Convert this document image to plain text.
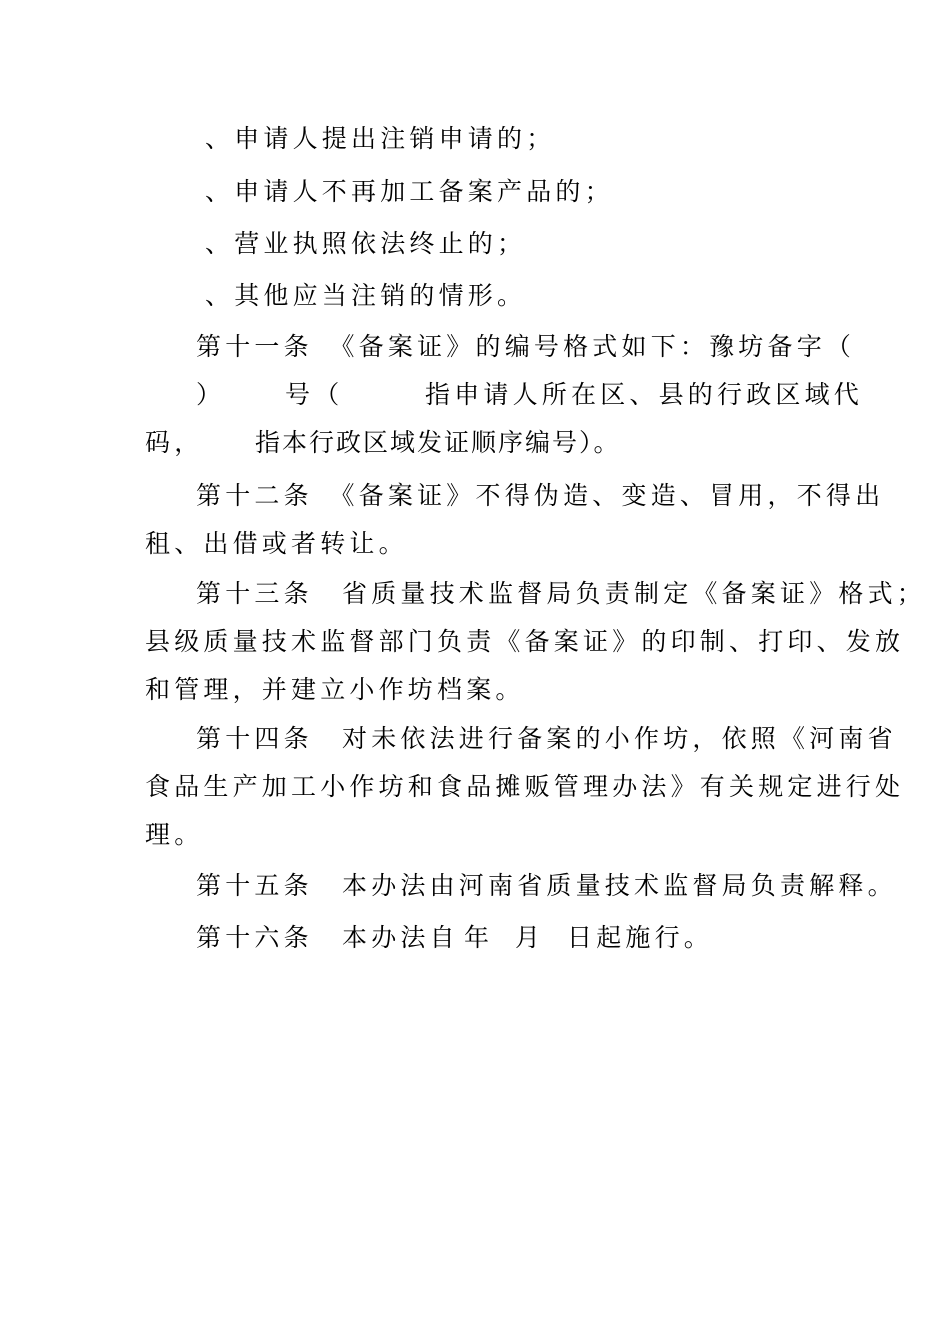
、申请人提出注销申请的；
、申请人不再加工备案产品的；
、营业执照依法终止的；
、其他应当注销的情形。
第十一条　《备案证》的编号格式如下：豫坊备字（
） 号（	指申请人所在区、县的行政区域代
码， 指本行政区域发证顺序编号）。
第十二条　《备案证》不得伪造、变造、冒用，不得出
租、出借或者转让。
第十三条　省质量技术监督局负责制定《备案证》格式；
县级质量技术监督部门负责《备案证》的印制、打印、发放
和管理，并建立小作坊档案。
第十四条　对未依法进行备案的小作坊，依照《河南省
食品生产加工小作坊和食品摊贩管理办法》有关规定进行处
理。
第十五条　本办法由河南省质量技术监督局负责解释。
第十六条　本办法自 年 月 日起施行。
